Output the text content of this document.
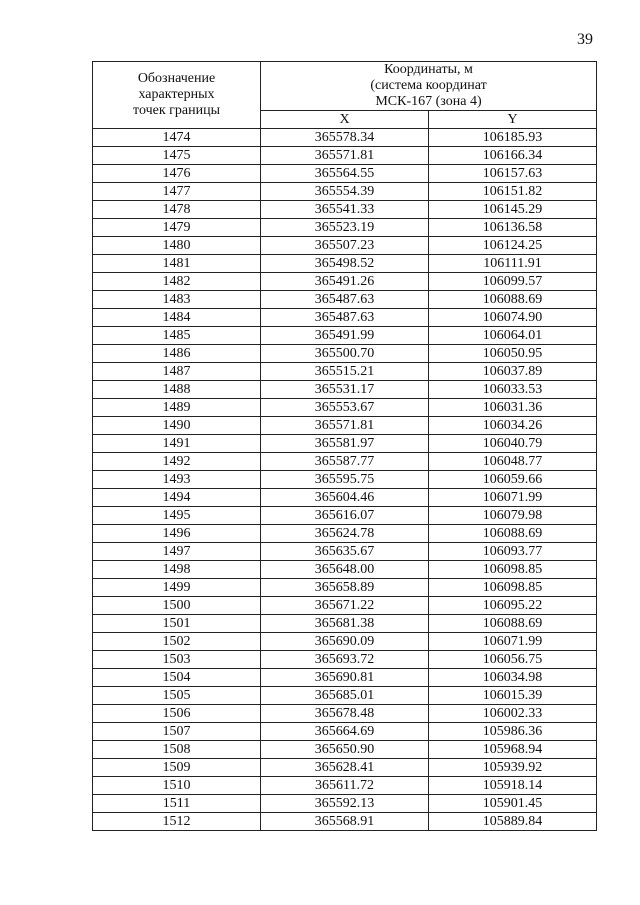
39
Обозначение
характерных
точек границы	Координаты, м
(система координат
МСК-167 (зона 4)	
	X	Y
1474	365578.34	106185.93
1475	365571.81	106166.34
1476	365564.55	106157.63
1477	365554.39	106151.82
1478	365541.33	106145.29
1479	365523.19	106136.58
1480	365507.23	106124.25
1481	365498.52	106111.91
1482	365491.26	106099.57
1483	365487.63	106088.69
1484	365487.63	106074.90
1485	365491.99	106064.01
1486	365500.70	106050.95
1487	365515.21	106037.89
1488	365531.17	106033.53
1489	365553.67	106031.36
1490	365571.81	106034.26
1491	365581.97	106040.79
1492	365587.77	106048.77
1493	365595.75	106059.66
1494	365604.46	106071.99
1495	365616.07	106079.98
1496	365624.78	106088.69
1497	365635.67	106093.77
1498	365648.00	106098.85
1499	365658.89	106098.85
1500	365671.22	106095.22
1501	365681.38	106088.69
1502	365690.09	106071.99
1503	365693.72	106056.75
1504	365690.81	106034.98
1505	365685.01	106015.39
1506	365678.48	106002.33
1507	365664.69	105986.36
1508	365650.90	105968.94
1509	365628.41	105939.92
1510	365611.72	105918.14
1511	365592.13	105901.45
1512	365568.91	105889.84
